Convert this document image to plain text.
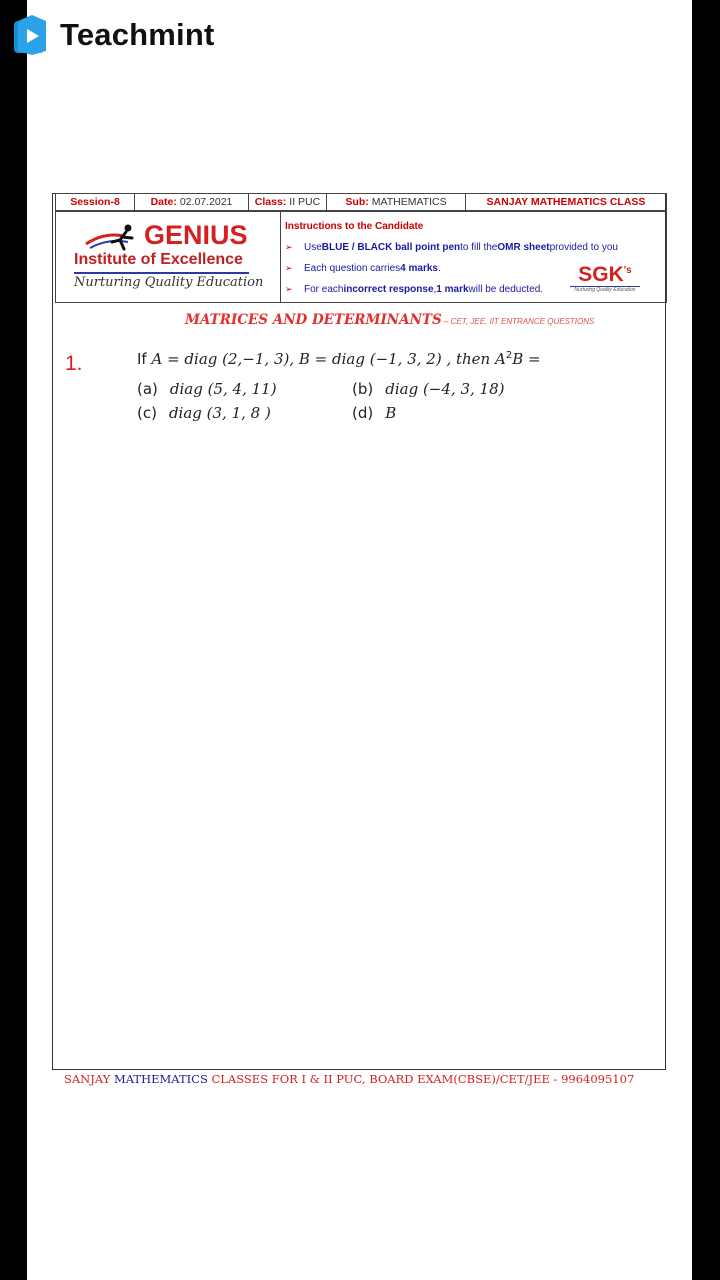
Teachmint
Session-8	Date: 02.07.2021 Class: II PUC Sub: MATHEMATICS	SANJAY MATHEMATICS CLASS
GENIUS
Institute of Excellence
Nurturing Quality Education
Instructions to the Candidate
➢	Use BLUE / BLACK ball point pen to fill the OMR sheet provided to you
➢	Each question carries 4 marks .
➢	For each incorrect response , 1 mark will be deducted.
$SGK^{'s}$
Nurturing Quality Education
MATRICES AND DETERMINANTS – CET, JEE, IIT ENTRANCE QUESTIONS
1.	If A = diag (2,−1, 3), B = diag (−1, 3, 2) , then $A^2B$ =
(a) diag (5, 4, 11)	(b) diag (−4, 3, 18)
(c) diag (3, 1, 8 )	(d) B
SANJAY MATHEMATICS CLASSES FOR I & II PUC, BOARD EXAM(CBSE)/CET/JEE - 9964095107
